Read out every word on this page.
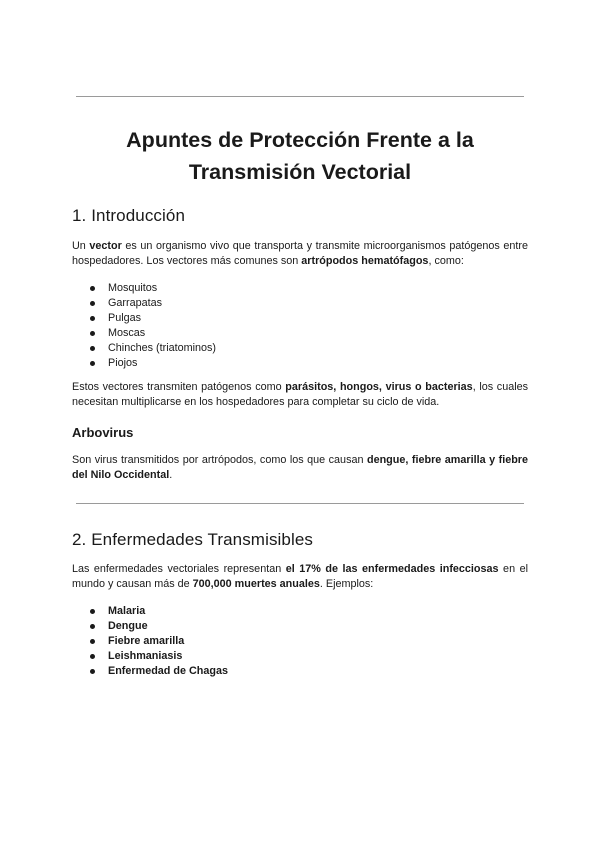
Apuntes de Protección Frente a la Transmisión Vectorial
1. Introducción
Un vector es un organismo vivo que transporta y transmite microorganismos patógenos entre hospedadores. Los vectores más comunes son artrópodos hematófagos, como:
Mosquitos
Garrapatas
Pulgas
Moscas
Chinches (triatominos)
Piojos
Estos vectores transmiten patógenos como parásitos, hongos, virus o bacterias, los cuales necesitan multiplicarse en los hospedadores para completar su ciclo de vida.
Arbovirus
Son virus transmitidos por artrópodos, como los que causan dengue, fiebre amarilla y fiebre del Nilo Occidental.
2. Enfermedades Transmisibles
Las enfermedades vectoriales representan el 17% de las enfermedades infecciosas en el mundo y causan más de 700,000 muertes anuales. Ejemplos:
Malaria
Dengue
Fiebre amarilla
Leishmaniasis
Enfermedad de Chagas
